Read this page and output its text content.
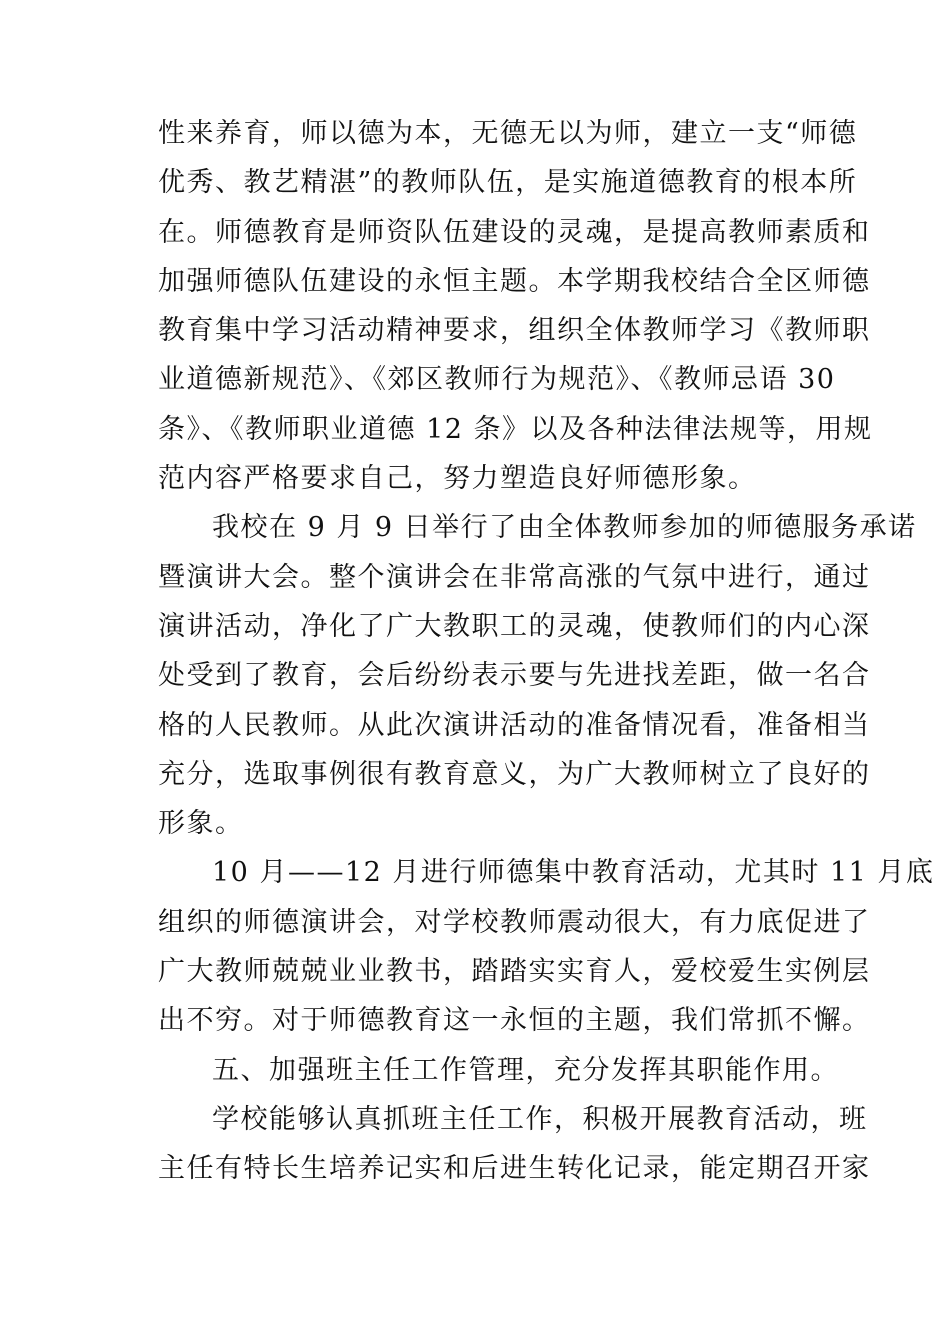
性来养育，师以德为本，无德无以为师，建立一支“师德
优秀、教艺精湛”的教师队伍，是实施道德教育的根本所
在。师德教育是师资队伍建设的灵魂，是提高教师素质和
加强师德队伍建设的永恒主题。本学期我校结合全区师德
教育集中学习活动精神要求，组织全体教师学习《教师职
业道德新规范》、《郊区教师行为规范》、《教师忌语 30
条》、《教师职业道德 12 条》以及各种法律法规等，用规
范内容严格要求自己，努力塑造良好师德形象。
我校在 9 月 9 日举行了由全体教师参加的师德服务承诺
暨演讲大会。整个演讲会在非常高涨的气氛中进行，通过
演讲活动，净化了广大教职工的灵魂，使教师们的内心深
处受到了教育，会后纷纷表示要与先进找差距，做一名合
格的人民教师。从此次演讲活动的准备情况看，准备相当
充分，选取事例很有教育意义，为广大教师树立了良好的
形象。
10 月——12 月进行师德集中教育活动，尤其时 11 月底
组织的师德演讲会，对学校教师震动很大，有力底促进了
广大教师兢兢业业教书，踏踏实实育人，爱校爱生实例层
出不穷。对于师德教育这一永恒的主题，我们常抓不懈。
五、加强班主任工作管理，充分发挥其职能作用。
学校能够认真抓班主任工作，积极开展教育活动，班
主任有特长生培养记实和后进生转化记录，能定期召开家
